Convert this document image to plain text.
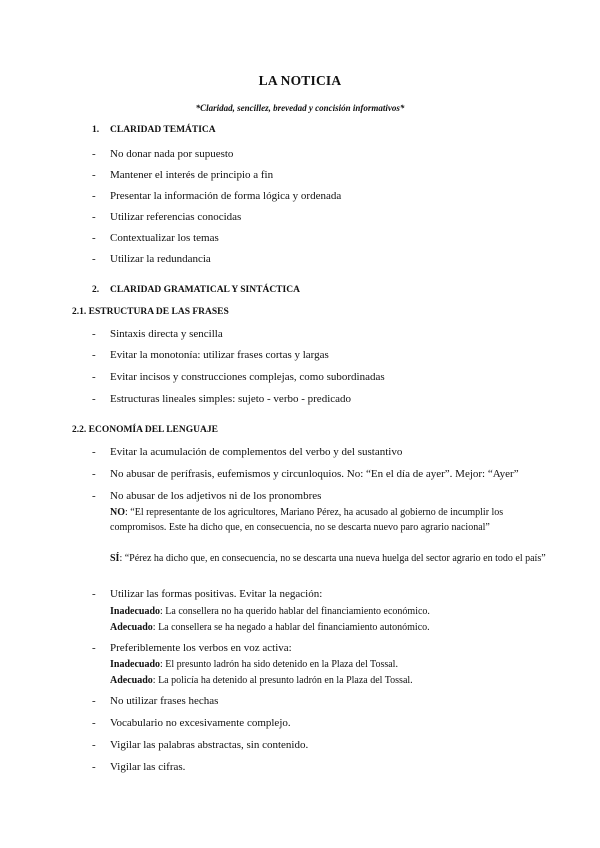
LA NOTICIA
*Claridad, sencillez, brevedad y concisión informativos*
1. CLARIDAD TEMÁTICA
- No donar nada por supuesto
- Mantener el interés de principio a fin
- Presentar la información de forma lógica y ordenada
- Utilizar referencias conocidas
- Contextualizar los temas
- Utilizar la redundancia
2. CLARIDAD GRAMATICAL Y SINTÁCTICA
2.1. ESTRUCTURA DE LAS FRASES
- Sintaxis directa y sencilla
- Evitar la monotonía: utilizar frases cortas y largas
- Evitar incisos y construcciones complejas, como subordinadas
- Estructuras lineales simples: sujeto - verbo - predicado
2.2. ECONOMÍA DEL LENGUAJE
- Evitar la acumulación de complementos del verbo y del sustantivo
- No abusar de perífrasis, eufemismos y circunloquios. No: “En el día de ayer”. Mejor: “Ayer”
- No abusar de los adjetivos ni de los pronombres
NO: “El representante de los agricultores, Mariano Pérez, ha acusado al gobierno de incumplir los compromisos. Este ha dicho que, en consecuencia, no se descarta nuevo paro agrario nacional”
SÍ: “Pérez ha dicho que, en consecuencia, no se descarta una nueva huelga del sector agrario en todo el país”
- Utilizar las formas positivas. Evitar la negación:
Inadecuado: La consellera no ha querido hablar del financiamiento económico.
Adecuado: La consellera se ha negado a hablar del financiamiento autonómico.
- Preferiblemente los verbos en voz activa:
Inadecuado: El presunto ladrón ha sido detenido en la Plaza del Tossal.
Adecuado: La policía ha detenido al presunto ladrón en la Plaza del Tossal.
- No utilizar frases hechas
- Vocabulario no excesivamente complejo.
- Vigilar las palabras abstractas, sin contenido.
- Vigilar las cifras.
